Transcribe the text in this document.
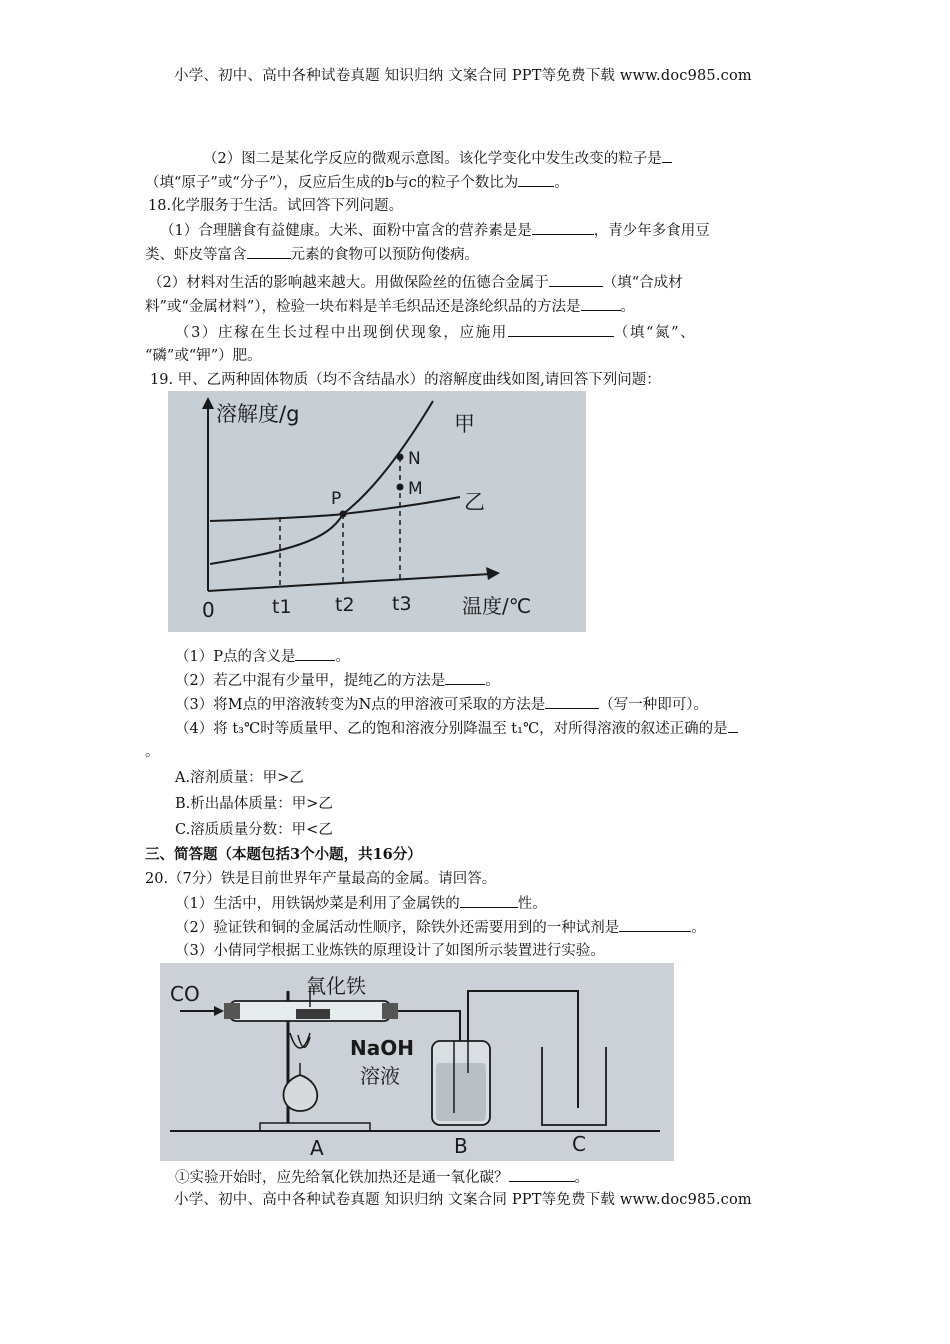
小学、初中、高中各种试卷真题 知识归纳 文案合同 PPT等免费下载 www.doc985.com
（2）图二是某化学反应的微观示意图。该化学变化中发生改变的粒子是
（填“原子”或“分子”），反应后生成的b与c的粒子个数比为 。
18.化学服务于生活。试回答下列问题。
（1）合理膳食有益健康。大米、面粉中富含的营养素是是	，青少年多食用豆
类、虾皮等富含	元素的食物可以预防佝偻病。
（2）材料对生活的影响越来越大。用做保险丝的伍德合金属于	（填“合成材
料”或“金属材料”），检验一块布料是羊毛织品还是涤纶织品的方法是	。
（3）庄稼在生长过程中出现倒伏现象，应施用	（填“氮”、
“磷”或“钾”）肥。
19. 甲、乙两种固体物质（均不含结晶水）的溶解度曲线如图,请回答下列问题：
溶解度/g
温度/℃
0	t1 t2 t3
甲
乙
P
N
M
（1）P点的含义是	。
（2）若乙中混有少量甲，提纯乙的方法是	。
（3）将M点的甲溶液转变为N点的甲溶液可采取的方法是	（写一种即可）。
（4）将 t₃℃时等质量甲、乙的饱和溶液分别降温至 t₁℃，对所得溶液的叙述正确的是
。
A.溶剂质量：甲>乙
B.析出晶体质量：甲>乙
C.溶质质量分数：甲<乙
三、简答题（本题包括3个小题，共16分）
20.（7分）铁是目前世界年产量最高的金属。请回答。
（1）生活中，用铁锅炒菜是利用了金属铁的	性。
（2）验证铁和铜的金属活动性顺序，除铁外还需要用到的一种试剂是	。
（3）小倩同学根据工业炼铁的原理设计了如图所示装置进行实验。
CO	氧化铁
NaOH
溶液
A	B	C
①实验开始时，应先给氧化铁加热还是通一氧化碳？	。
小学、初中、高中各种试卷真题 知识归纳 文案合同 PPT等免费下载 www.doc985.com
